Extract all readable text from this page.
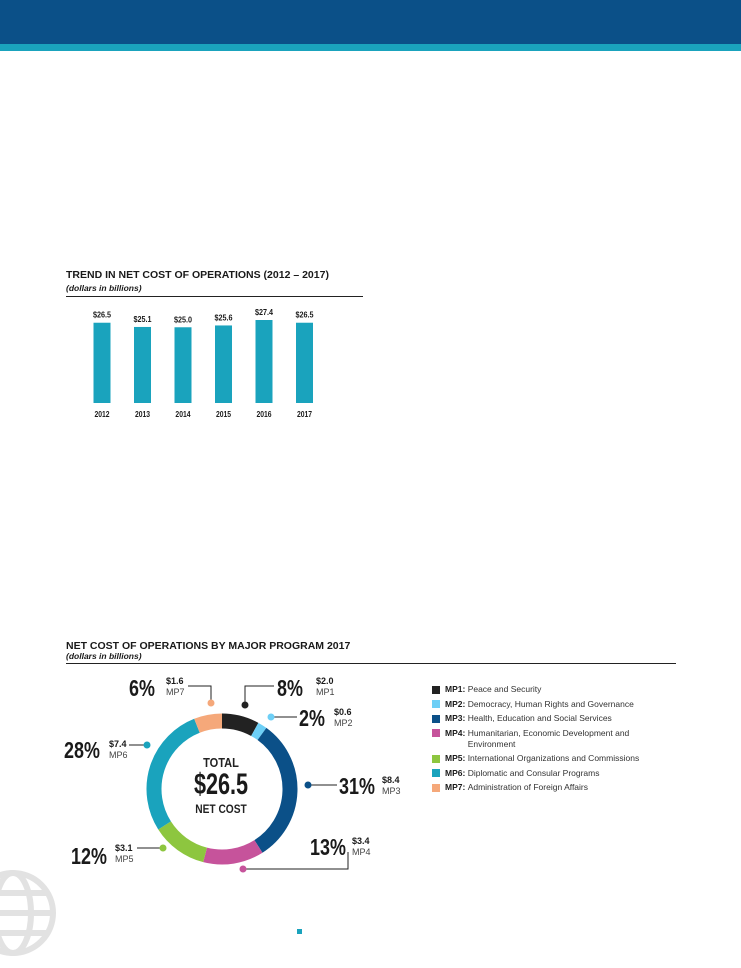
TREND IN NET COST OF OPERATIONS (2012 – 2017)
(dollars in billions)
$26.5
2012
$25.1
2013
$25.0
2014
$25.6
2015
$27.4
2016
$26.5
2017
NET COST OF OPERATIONS BY MAJOR PROGRAM 2017
(dollars in billions)
TOTAL
$26.5
NET COST
6% $1.6
MP7	8% $2.0
MP1
2% $0.6
MP2
28% $7.4
MP6
31% $8.4
MP3
13% $3.4
MP4
12% $3.1
MP5
MP1: Peace and Security
MP2: Democracy, Human Rights and Governance
MP3: Health, Education and Social Services
MP4: Humanitarian, Economic Development and Environment
MP5: International Organizations and Commissions
MP6: Diplomatic and Consular Programs
MP7: Administration of Foreign Affairs
